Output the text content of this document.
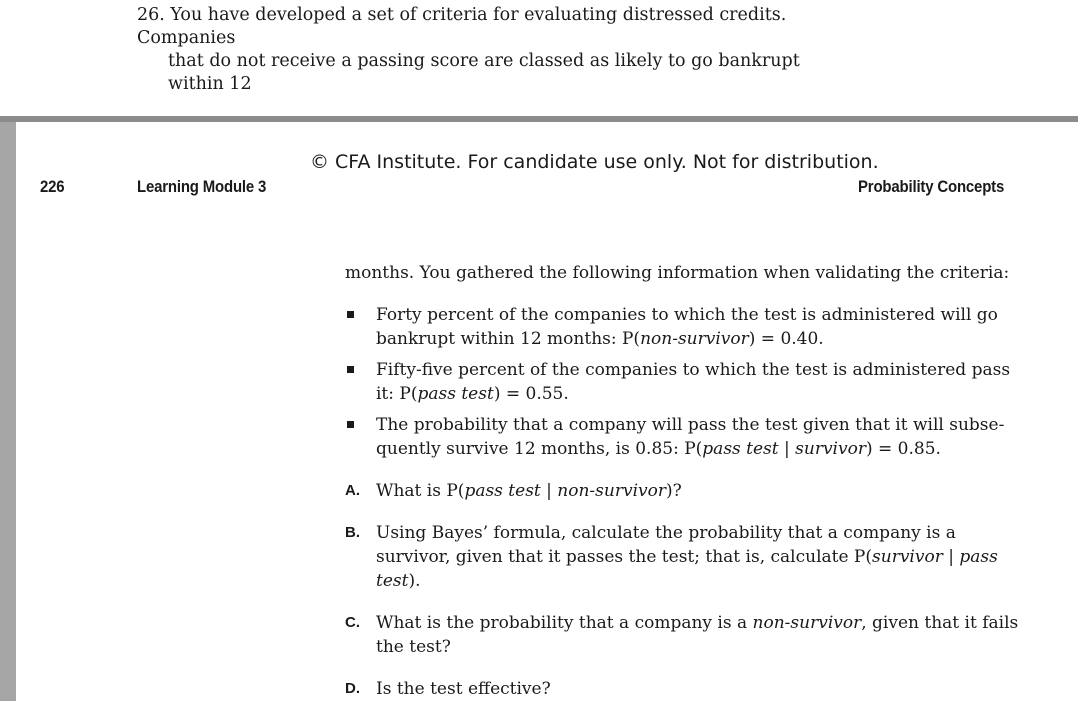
26. You have developed a set of criteria for evaluating distressed credits. Companies
that do not receive a passing score are classed as likely to go bankrupt within 12
© CFA Institute. For candidate use only. Not for distribution.
226	Learning Module 3	Probability Concepts
months. You gathered the following information when validating the criteria:
Forty percent of the companies to which the test is administered will go bankrupt within 12 months: P(non-survivor) = 0.40.
Fifty-five percent of the companies to which the test is administered pass it: P(pass test) = 0.55.
The probability that a company will pass the test given that it will subse-quently survive 12 months, is 0.85: P(pass test | survivor) = 0.85.
A. What is P(pass test | non-survivor)?
B. Using Bayes’ formula, calculate the probability that a company is a survivor, given that it passes the test; that is, calculate P(survivor | pass test).
C. What is the probability that a company is a non-survivor, given that it fails the test?
D. Is the test effective?
